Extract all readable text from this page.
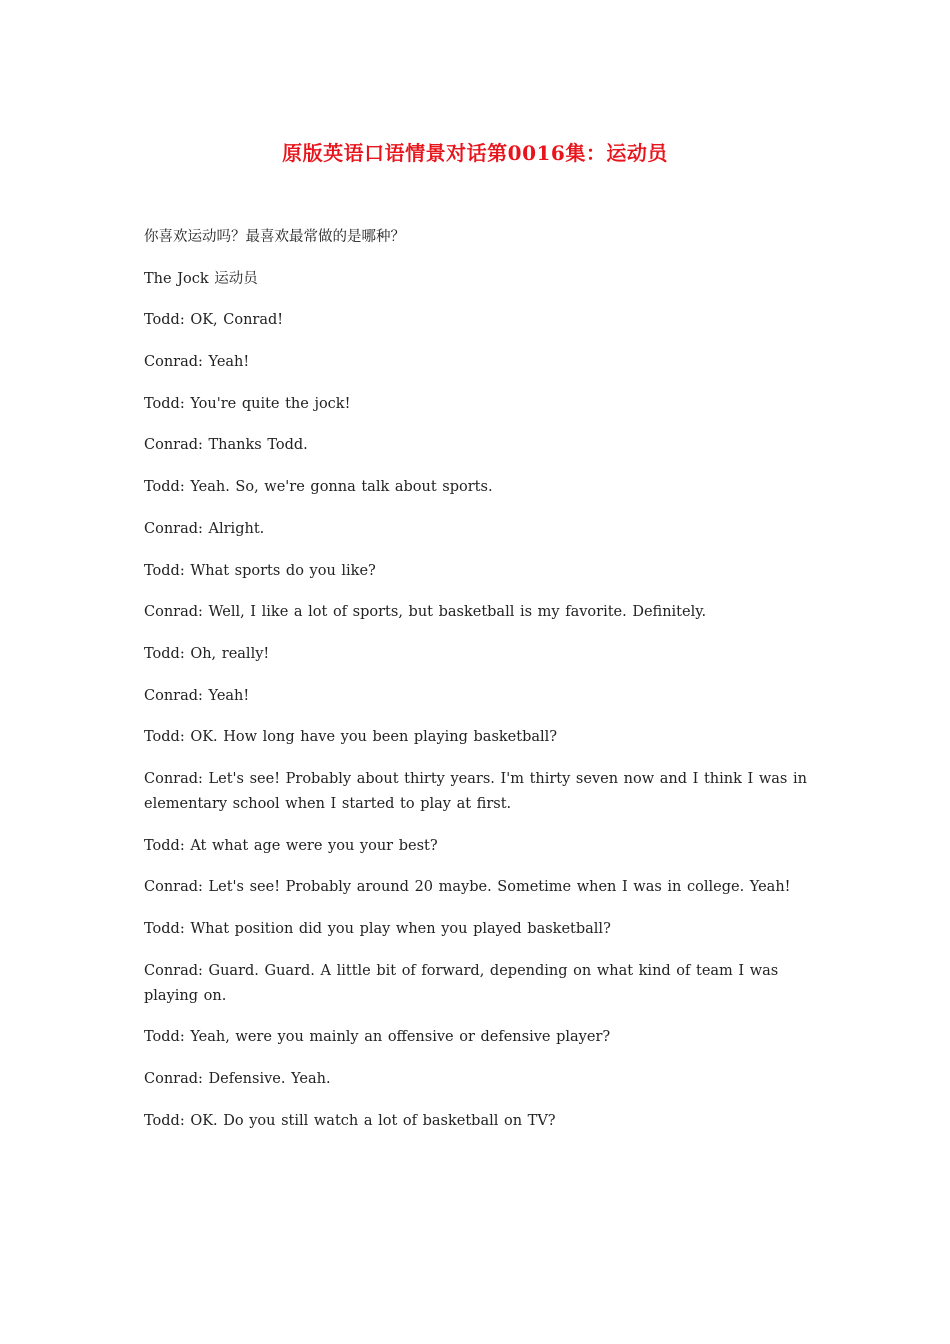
原版英语口语情景对话第0016集：运动员

你喜欢运动吗？最喜欢最常做的是哪种？

The Jock 运动员

Todd: OK, Conrad!

Conrad: Yeah!

Todd: You're quite the jock!

Conrad: Thanks Todd.

Todd: Yeah. So, we're gonna talk about sports.

Conrad: Alright.

Todd: What sports do you like?

Conrad: Well, I like a lot of sports, but basketball is my favorite. Definitely.

Todd: Oh, really!

Conrad: Yeah!

Todd: OK. How long have you been playing basketball?

Conrad: Let's see! Probably about thirty years. I'm thirty seven now and I think I was in elementary school when I started to play at first.

Todd: At what age were you your best?

Conrad: Let's see! Probably around 20 maybe. Sometime when I was in college. Yeah!

Todd: What position did you play when you played basketball?

Conrad: Guard. Guard. A little bit of forward, depending on what kind of team I was playing on.

Todd: Yeah, were you mainly an offensive or defensive player?

Conrad: Defensive. Yeah.

Todd: OK. Do you still watch a lot of basketball on TV?
